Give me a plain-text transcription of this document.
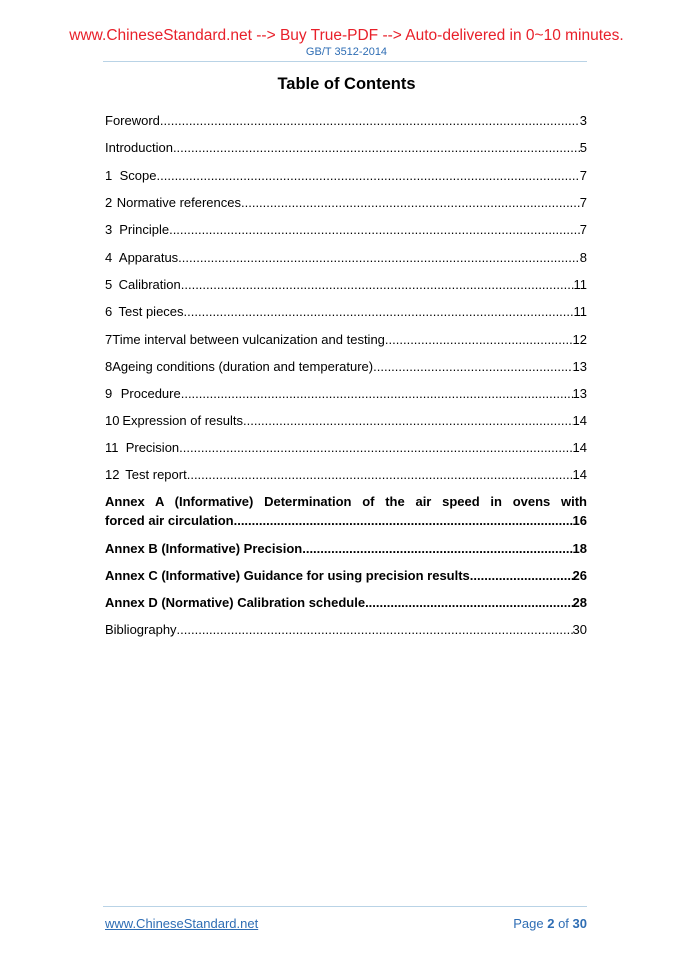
www.ChineseStandard.net --> Buy True-PDF --> Auto-delivered in 0~10 minutes.
GB/T 3512-2014
Table of Contents
Foreword .....	3
Introduction .....	5
1 Scope .....	7
2 Normative references .....	7
3 Principle .....	7
4 Apparatus .....	8
5 Calibration .....	11
6 Test pieces .....	11
7 Time interval between vulcanization and testing .....	12
8 Ageing conditions (duration and temperature) .....	13
9 Procedure .....	13
10 Expression of results .....	14
11 Precision .....	14
12 Test report .....	14
Annex A (Informative) Determination of the air speed in ovens with
forced air circulation .....	16
Annex B (Informative) Precision .....	18
Annex C (Informative) Guidance for using precision results .....	26
Annex D (Normative) Calibration schedule .....	28
Bibliography .....	30
www.ChineseStandard.net	Page 2 of 30
